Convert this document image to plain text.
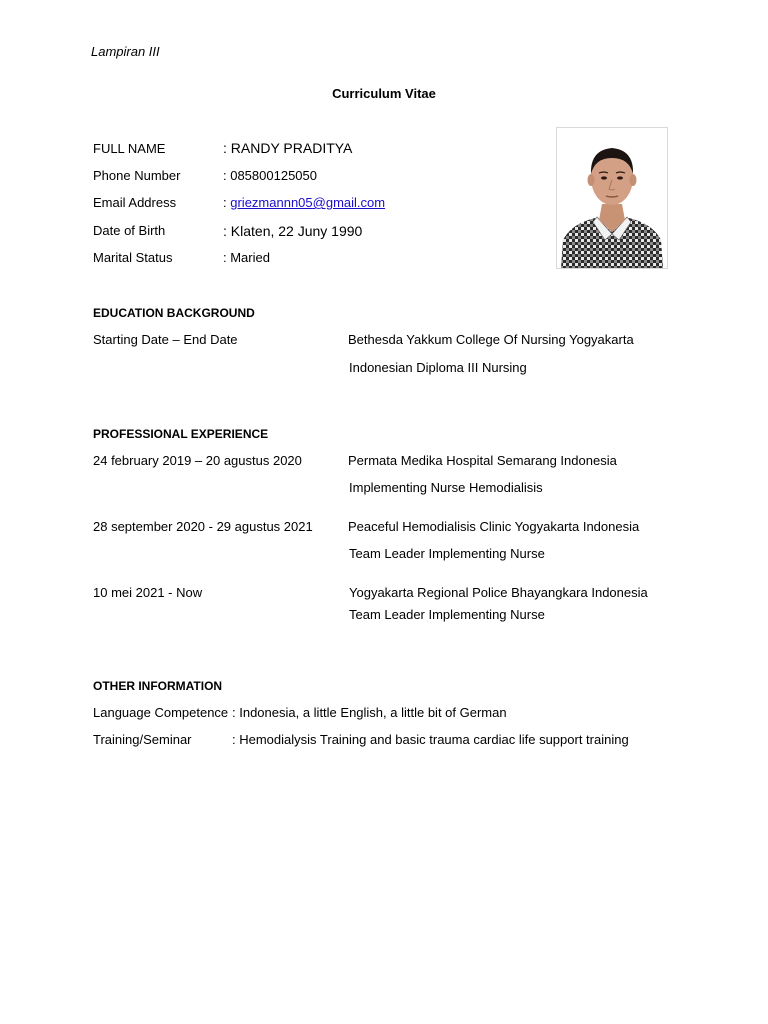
Lampiran III
Curriculum Vitae
FULL NAME	: RANDY PRADITYA
Phone Number	: 085800125050
Email Address	: griezmannn05@gmail.com
Date of Birth	: Klaten, 22 Juny 1990
Marital Status	: Maried
EDUCATION BACKGROUND
Starting Date – End Date	Bethesda Yakkum College Of Nursing Yogyakarta
Indonesian Diploma III Nursing
PROFESSIONAL EXPERIENCE
24 february 2019 – 20 agustus 2020	Permata Medika Hospital Semarang Indonesia
Implementing Nurse Hemodialisis
28 september 2020 - 29 agustus 2021	Peaceful Hemodialisis Clinic Yogyakarta Indonesia
Team Leader Implementing Nurse
10 mei 2021 - Now	Yogyakarta Regional Police Bhayangkara Indonesia
Team Leader Implementing Nurse
OTHER INFORMATION
Language Competence : Indonesia, a little English, a little bit of German
Training/Seminar	: Hemodialysis Training and basic trauma cardiac life support training
